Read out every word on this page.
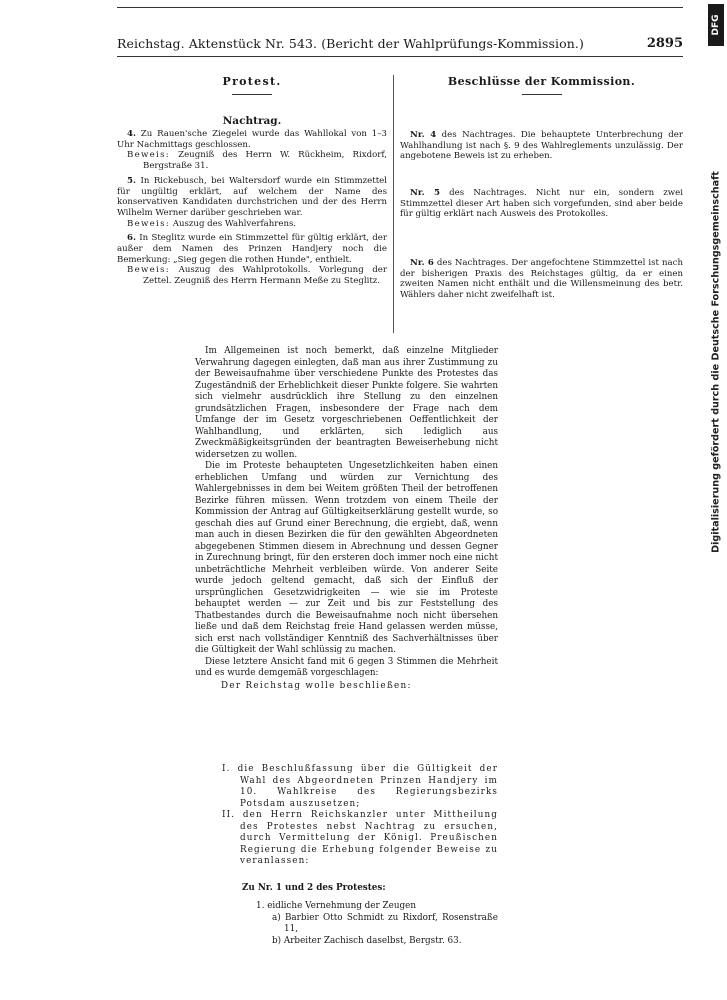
Reichstag. Aktenstück Nr. 543. (Bericht der Wahlprüfungs-Kommission.)	2895
Protest.	Beschlüsse der Kommission.
Nachtrag.

4. Zu Rauen'sche Ziegelei wurde das Wahllokal von 1–3 Uhr Nachmittags geschlossen.

Beweis: Zeugniß des Herrn W. Rückheim, Rixdorf, Bergstraße 31.

5. In Rickebusch, bei Waltersdorf wurde ein Stimmzettel für ungültig erklärt, auf welchem der Name des konservativen Kandidaten durchstrichen und der des Herrn Wilhelm Werner darüber geschrieben war.

Beweis: Auszug des Wahlverfahrens.

6. In Steglitz wurde ein Stimmzettel für gültig erklärt, der außer dem Namen des Prinzen Handjery noch die Bemerkung: „Sieg gegen die rothen Hunde", enthielt.

Beweis: Auszug des Wahlprotokolls. Vorlegung der Zettel. Zeugniß des Herrn Hermann Meße zu Steglitz.

Nr. 4 des Nachtrages. Die behauptete Unterbrechung der Wahlhandlung ist nach §. 9 des Wahlreglements unzulässig. Der angebotene Beweis ist zu erheben.

Nr. 5 des Nachtrages. Nicht nur ein, sondern zwei Stimmzettel dieser Art haben sich vorgefunden, sind aber beide für gültig erklärt nach Ausweis des Protokolles.

Nr. 6 des Nachtrages. Der angefochtene Stimmzettel ist nach der bisherigen Praxis des Reichstages gültig, da er einen zweiten Namen nicht enthält und die Willensmeinung des betr. Wählers daher nicht zweifelhaft ist.

Im Allgemeinen ist noch bemerkt, daß einzelne Mitglieder Verwahrung dagegen einlegten, daß man aus ihrer Zustimmung zu der Beweisaufnahme über verschiedene Punkte des Protestes das Zugeständniß der Erheblichkeit dieser Punkte folgere. Sie wahrten sich vielmehr ausdrücklich ihre Stellung zu den einzelnen grundsätzlichen Fragen, insbesondere der Frage nach dem Umfange der im Gesetz vorgeschriebenen Oeffentlichkeit der Wahlhandlung, und erklärten, sich lediglich aus Zweckmäßigkeitsgründen der beantragten Beweiserhebung nicht widersetzen zu wollen.

Die im Proteste behaupteten Ungesetzlichkeiten haben einen erheblichen Umfang und würden zur Vernichtung des Wahlergebnisses in dem bei Weitem größten Theil der betroffenen Bezirke führen müssen. Wenn trotzdem von einem Theile der Kommission der Antrag auf Gültigkeitserklärung gestellt wurde, so geschah dies auf Grund einer Berechnung, die ergiebt, daß, wenn man auch in diesen Bezirken die für den gewählten Abgeordneten abgegebenen Stimmen diesem in Abrechnung und dessen Gegner in Zurechnung bringt, für den ersteren doch immer noch eine nicht unbeträchtliche Mehrheit verbleiben würde. Von anderer Seite wurde jedoch geltend gemacht, daß sich der Einfluß der ursprünglichen Gesetzwidrigkeiten — wie sie im Proteste behauptet werden — zur Zeit und bis zur Feststellung des Thatbestandes durch die Beweisaufnahme noch nicht übersehen ließe und daß dem Reichstag freie Hand gelassen werden müsse, sich erst nach vollständiger Kenntniß des Sachverhältnisses über die Gültigkeit der Wahl schlüssig zu machen.

Diese letztere Ansicht fand mit 6 gegen 3 Stimmen die Mehrheit und es wurde demgemäß vorgeschlagen:

Der Reichstag wolle beschließen:

I. die Beschlußfassung über die Gültigkeit der Wahl des Abgeordneten Prinzen Handjery im 10. Wahlkreise des Regierungsbezirks Potsdam auszusetzen;

II. den Herrn Reichskanzler unter Mittheilung des Protestes nebst Nachtrag zu ersuchen, durch Vermittelung der Königl. Preußischen Regierung die Erhebung folgender Beweise zu veranlassen:

Zu Nr. 1 und 2 des Protestes:

1. eidliche Vernehmung der Zeugen

a) Barbier Otto Schmidt zu Rixdorf, Rosenstraße 11,

b) Arbeiter Zachisch daselbst, Bergstr. 63.

DFG
Digitalisierung gefördert durch die Deutsche Forschungsgemeinschaft
